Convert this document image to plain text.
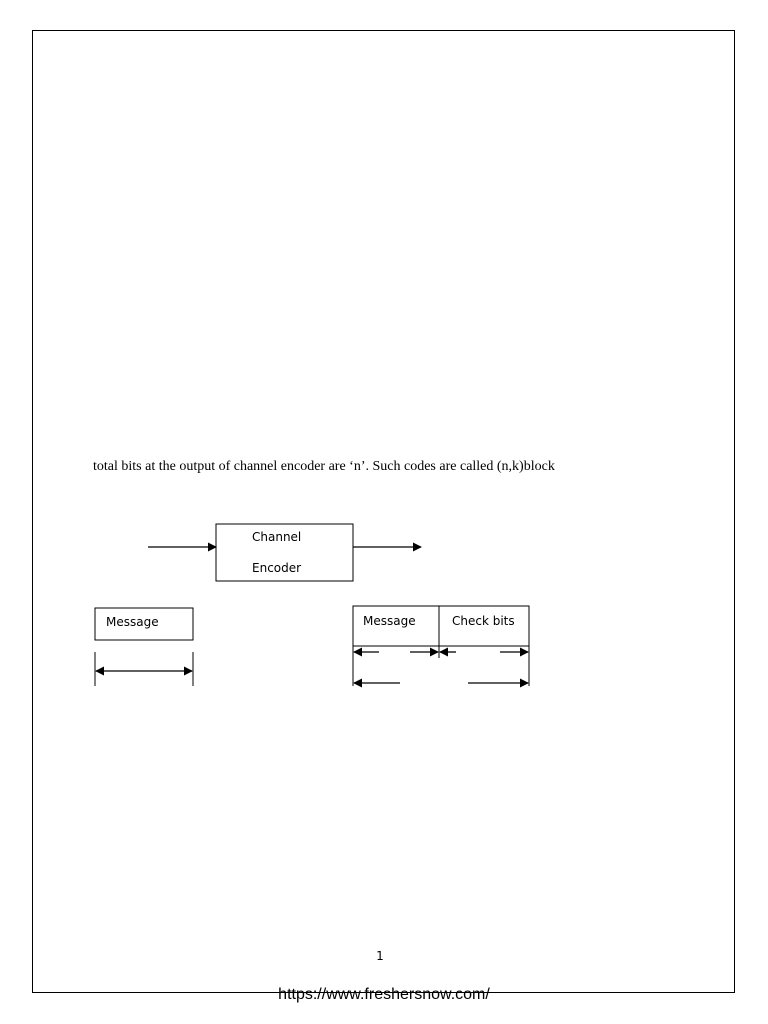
total bits at the output of channel encoder are ‘n’. Such codes are called (n,k)block
Channel
Encoder
Message	Message	Check bits
1
https://www.freshersnow.com/
